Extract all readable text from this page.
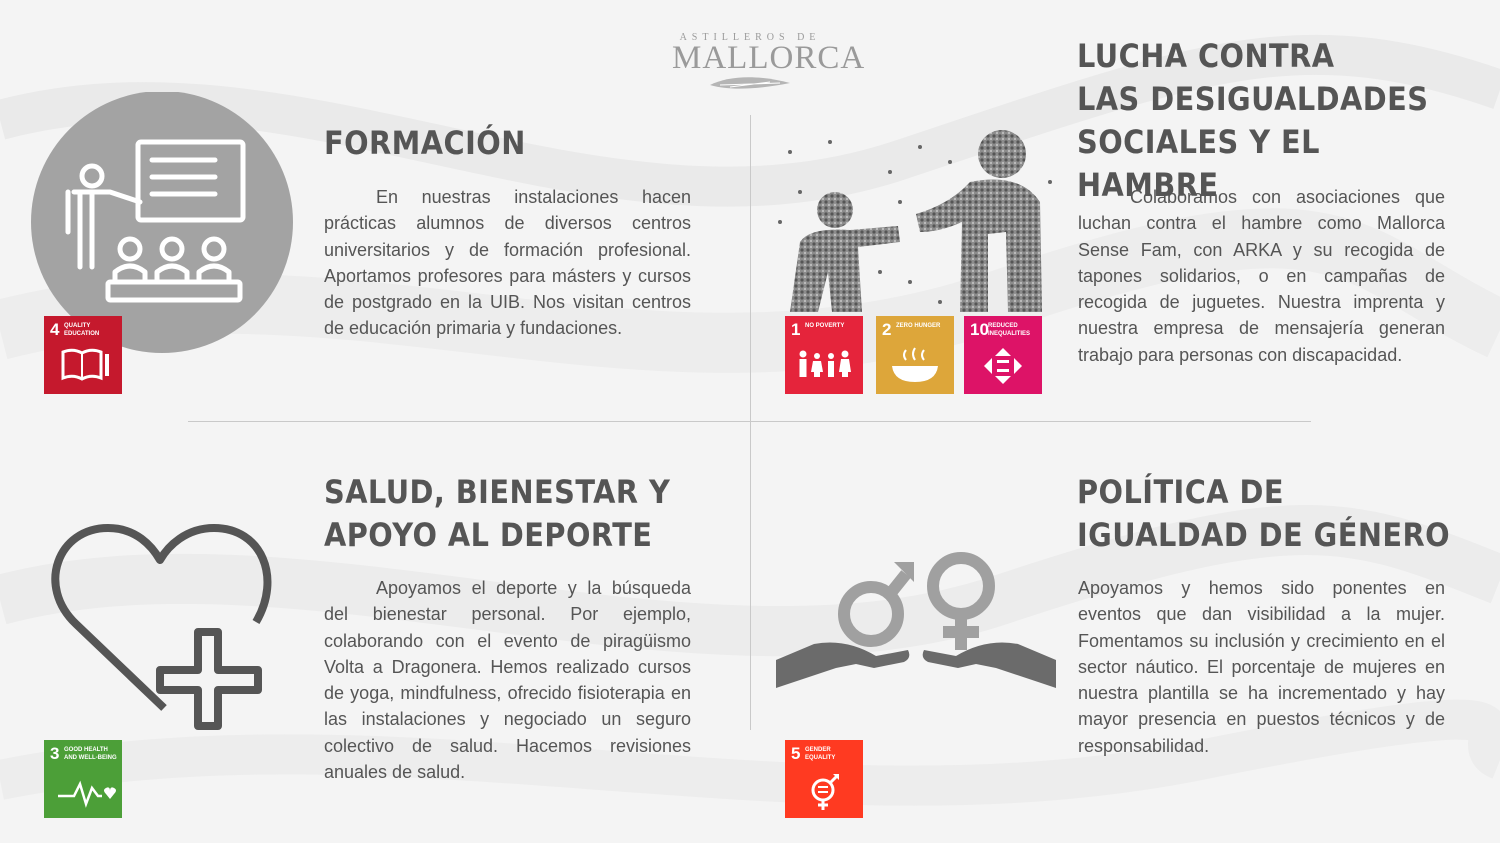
ASTILLEROS DE
MALLORCA
4 QUALITY EDUCATION
FORMACIÓN

En nuestras instalaciones hacen prácticas alumnos de diversos centros universitarios y de formación profesional. Aportamos profesores para másters y cursos de postgrado en la UIB. Nos visitan centros de educación primaria y fundaciones.	1 NO POVERTY	2 ZERO HUNGER	10 REDUCED INEQUALITIES
LUCHA CONTRA
LAS DESIGUALDADES
SOCIALES Y EL HAMBRE

Colaboramos con asociaciones que luchan contra el hambre como Mallorca Sense Fam, con ARKA y su recogida de tapones solidarios, o en campañas de recogida de juguetes. Nuestra imprenta y nuestra empresa de mensajería generan trabajo para personas con discapacidad.

3 GOOD HEALTH AND WELL-BEING
SALUD, BIENESTAR Y
APOYO AL DEPORTE

Apoyamos el deporte y la búsqueda del bienestar personal. Por ejemplo, colaborando con el evento de piragüismo Volta a Dragonera. Hemos realizado cursos de yoga, mindfulness, ofrecido fisioterapia en las instalaciones y negociado un seguro colectivo de salud. Hacemos revisiones anuales de salud.

5 GENDER EQUALITY
POLÍTICA DE
IGUALDAD DE GÉNERO

Apoyamos y hemos sido ponentes en eventos que dan visibilidad a la mujer. Fomentamos su inclusión y crecimiento en el sector náutico. El porcentaje de mujeres en nuestra plantilla se ha incrementado y hay mayor presencia en puestos técnicos y de responsabilidad.
